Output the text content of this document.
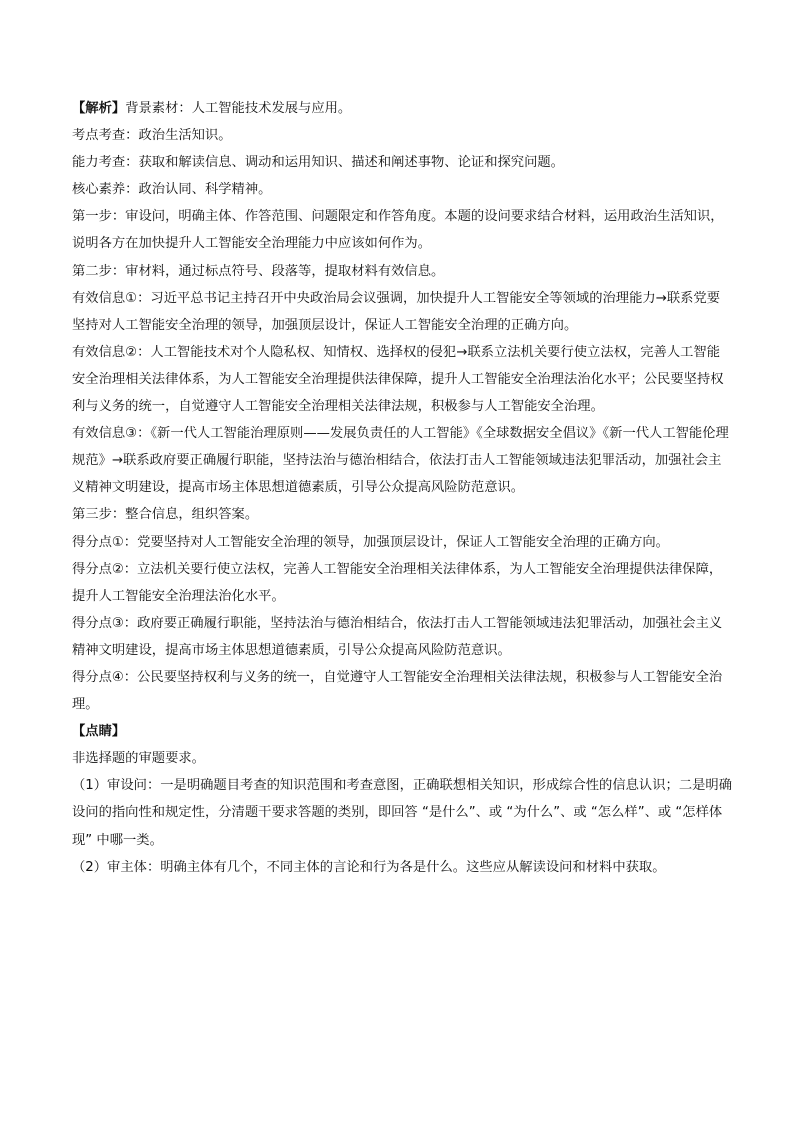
【解析】背景素材：人工智能技术发展与应用。

考点考查：政治生活知识。

能力考查：获取和解读信息、调动和运用知识、描述和阐述事物、论证和探究问题。

核心素养：政治认同、科学精神。

第一步：审设问，明确主体、作答范围、问题限定和作答角度。本题的设问要求结合材料，运用政治生活知识，说明各方在加快提升人工智能安全治理能力中应该如何作为。

第二步：审材料，通过标点符号、段落等，提取材料有效信息。

有效信息①：习近平总书记主持召开中央政治局会议强调，加快提升人工智能安全等领域的治理能力→联系党要坚持对人工智能安全治理的领导，加强顶层设计，保证人工智能安全治理的正确方向。

有效信息②：人工智能技术对个人隐私权、知情权、选择权的侵犯→联系立法机关要行使立法权，完善人工智能安全治理相关法律体系，为人工智能安全治理提供法律保障，提升人工智能安全治理法治化水平；公民要坚持权利与义务的统一，自觉遵守人工智能安全治理相关法律法规，积极参与人工智能安全治理。

有效信息③：《新一代人工智能治理原则——发展负责任的人工智能》《全球数据安全倡议》《新一代人工智能伦理规范》→联系政府要正确履行职能，坚持法治与德治相结合，依法打击人工智能领域违法犯罪活动，加强社会主义精神文明建设，提高市场主体思想道德素质，引导公众提高风险防范意识。

第三步：整合信息，组织答案。

得分点①：党要坚持对人工智能安全治理的领导，加强顶层设计，保证人工智能安全治理的正确方向。

得分点②：立法机关要行使立法权，完善人工智能安全治理相关法律体系，为人工智能安全治理提供法律保障，提升人工智能安全治理法治化水平。

得分点③：政府要正确履行职能，坚持法治与德治相结合，依法打击人工智能领域违法犯罪活动，加强社会主义精神文明建设，提高市场主体思想道德素质，引导公众提高风险防范意识。

得分点④：公民要坚持权利与义务的统一，自觉遵守人工智能安全治理相关法律法规，积极参与人工智能安全治理。

【点睛】

非选择题的审题要求。

（1）审设问：一是明确题目考查的知识范围和考查意图，正确联想相关知识，形成综合性的信息认识；二是明确设问的指向性和规定性，分清题干要求答题的类别，即回答 “是什么”、或 “为什么”、或 “怎么样”、或 “怎样体现” 中哪一类。

（2）审主体：明确主体有几个，不同主体的言论和行为各是什么。这些应从解读设问和材料中获取。
